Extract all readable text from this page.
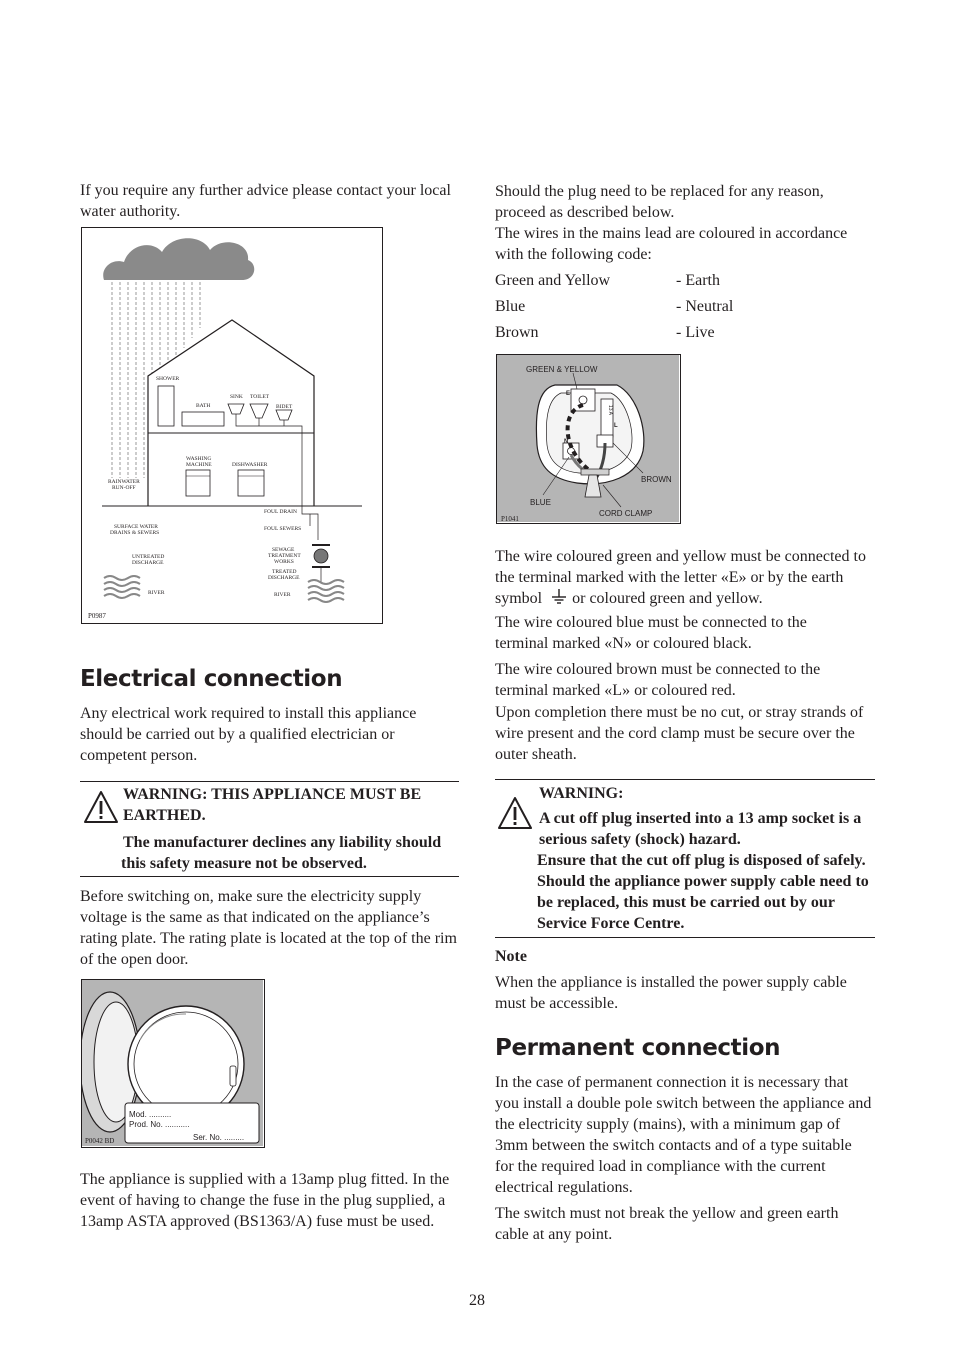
If you require any further advice please contact your local water authority.

SHOWER
BATH
SINK TOILET
BIDET
WASHING
MACHINE	DISHWASHER
RAINWATER
RUN-OFF
FOUL DRAIN
FOUL SEWERS
SEWAGE
TREATMENT
WORKS
TREATED
DISCHARGE
SURFACE WATER
DRAINS & SEWERS
UNTREATED
DISCHARGE
RIVER	RIVER
P0987
Electrical connection

Any electrical work required to install this appliance should be carried out by a qualified electrician or competent person.

WARNING: THIS APPLIANCE MUST BE EARTHED.

The manufacturer declines any liability should this safety measure not be observed.

Before switching on, make sure the electricity supply voltage is the same as that indicated on the appliance’s rating plate. The rating plate is located at the top of the rim of the open door.

Mod. ..........
Prod. No. ...........
Ser. No. .........
P0042 BD

The appliance is supplied with a 13amp plug fitted. In the event of having to change the fuse in the plug supplied, a 13amp ASTA approved (BS1363/A) fuse must be used.

Should the plug need to be replaced for any reason, proceed as described below.

The wires in the mains lead are coloured in accordance with the following code:

Green and Yellow	- Earth

Blue	- Neutral

Brown	- Live

E
N
L
13 A
GREEN & YELLOW
BLUE
BROWN
CORD CLAMP
P1041

The wire coloured green and yellow must be connected to the terminal marked with the letter «E» or by the earth symbol or coloured green and yellow.

The wire coloured blue must be connected to the terminal marked «N» or coloured black.

The wire coloured brown must be connected to the terminal marked «L» or coloured red.

Upon completion there must be no cut, or stray strands of wire present and the cord clamp must be secure over the outer sheath.

WARNING:

A cut off plug inserted into a 13 amp socket is a serious safety (shock) hazard.

Ensure that the cut off plug is disposed of safely. Should the appliance power supply cable need to be replaced, this must be carried out by our Service Force Centre.

Note

When the appliance is installed the power supply cable must be accessible.

Permanent connection

In the case of permanent connection it is necessary that you install a double pole switch between the appliance and the electricity supply (mains), with a minimum gap of 3mm between the switch contacts and of a type suitable for the required load in compliance with the current electrical regulations.

The switch must not break the yellow and green earth cable at any point.

28
